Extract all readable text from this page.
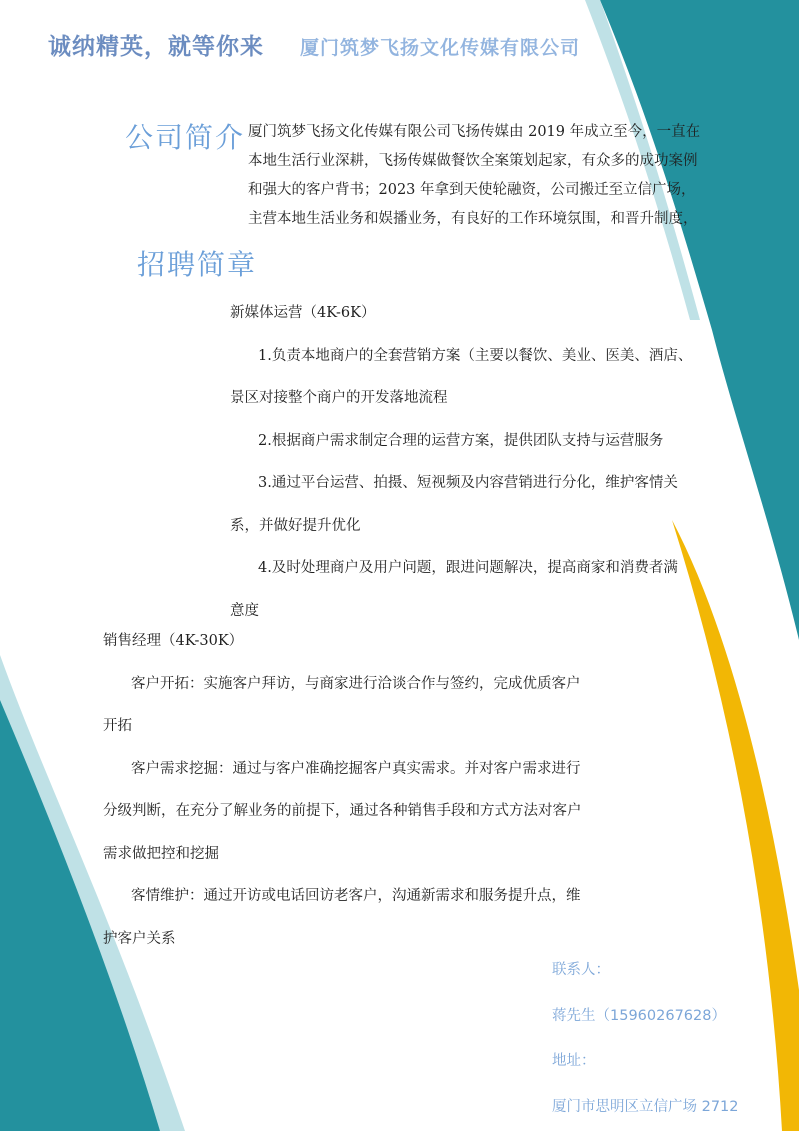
诚纳精英，就等你来 厦门筑梦飞扬文化传媒有限公司
公司简介 厦门筑梦飞扬文化传媒有限公司飞扬传媒由 2019 年成立至今，一直在

本地生活行业深耕，飞扬传媒做餐饮全案策划起家，有众多的成功案例

和强大的客户背书；2023 年拿到天使轮融资，公司搬迁至立信广场，

主营本地生活业务和娱播业务，有良好的工作环境氛围，和晋升制度，

招聘简章

新媒体运营（4K-6K）

1.负责本地商户的全套营销方案（主要以餐饮、美业、医美、酒店、

景区对接整个商户的开发落地流程

2.根据商户需求制定合理的运营方案，提供团队支持与运营服务

3.通过平台运营、拍摄、短视频及内容营销进行分化，维护客情关

系，并做好提升优化

4.及时处理商户及用户问题，跟进问题解决，提高商家和消费者满

意度

销售经理（4K-30K）

客户开拓：实施客户拜访，与商家进行洽谈合作与签约，完成优质客户

开拓

客户需求挖掘：通过与客户准确挖掘客户真实需求。并对客户需求进行

分级判断，在充分了解业务的前提下，通过各种销售手段和方式方法对客户

需求做把控和挖掘

客情维护：通过开访或电话回访老客户，沟通新需求和服务提升点，维

护客户关系

联系人：

蒋先生（15960267628）

地址：

厦门市思明区立信广场 2712
